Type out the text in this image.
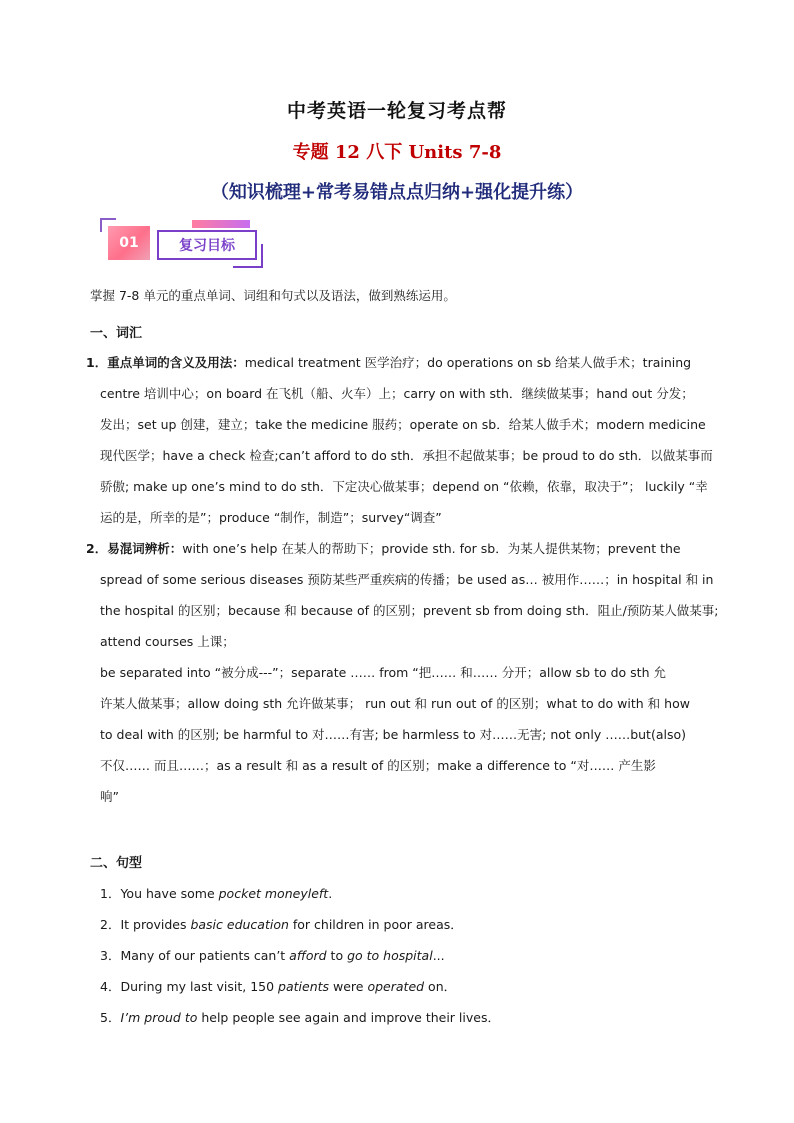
中考英语一轮复习考点帮
专题 12 八下 Units 7-8
（知识梳理+常考易错点点归纳+强化提升练）
01	复习目标
掌握 7-8 单元的重点单词、词组和句式以及语法，做到熟练运用。
一、词汇
1．重点单词的含义及用法：medical treatment 医学治疗；do operations on sb 给某人做手术；training
centre 培训中心；on board 在飞机（船、火车）上；carry on with sth．继续做某事；hand out 分发；
发出；set up 创建，建立；take the medicine 服药；operate on sb．给某人做手术；modern medicine
现代医学；have a check 检查;can’t afford to do sth．承担不起做某事；be proud to do sth．以做某事而
骄傲; make up one’s mind to do sth．下定决心做某事；depend on “依赖，依靠，取决于”； luckily “幸
运的是，所幸的是”；produce “制作，制造”；survey“调查”
2．易混词辨析：with one’s help 在某人的帮助下；provide sth. for sb．为某人提供某物；prevent the
spread of some serious diseases 预防某些严重疾病的传播；be used as… 被用作……；in hospital 和 in
the hospital 的区别；because 和 because of 的区别；prevent sb from doing sth．阻止/预防某人做某事;
attend courses 上课；
be separated into “被分成---”；separate …… from “把…… 和…… 分开；allow sb to do sth 允
许某人做某事；allow doing sth 允许做某事； run out 和 run out of 的区别；what to do with 和 how
to deal with 的区别; be harmful to 对……有害; be harmless to 对……无害; not only ……but(also)
不仅…… 而且……；as a result 和 as a result of 的区别；make a difference to “对…… 产生影
响”
二、句型
1．You have some pocket moneyleft.
2．It provides basic education for children in poor areas．
3．Many of our patients can’t afford to go to hospital...
4．During my last visit, 150 patients were operated on．
5．I’m proud to help people see again and improve their lives．
